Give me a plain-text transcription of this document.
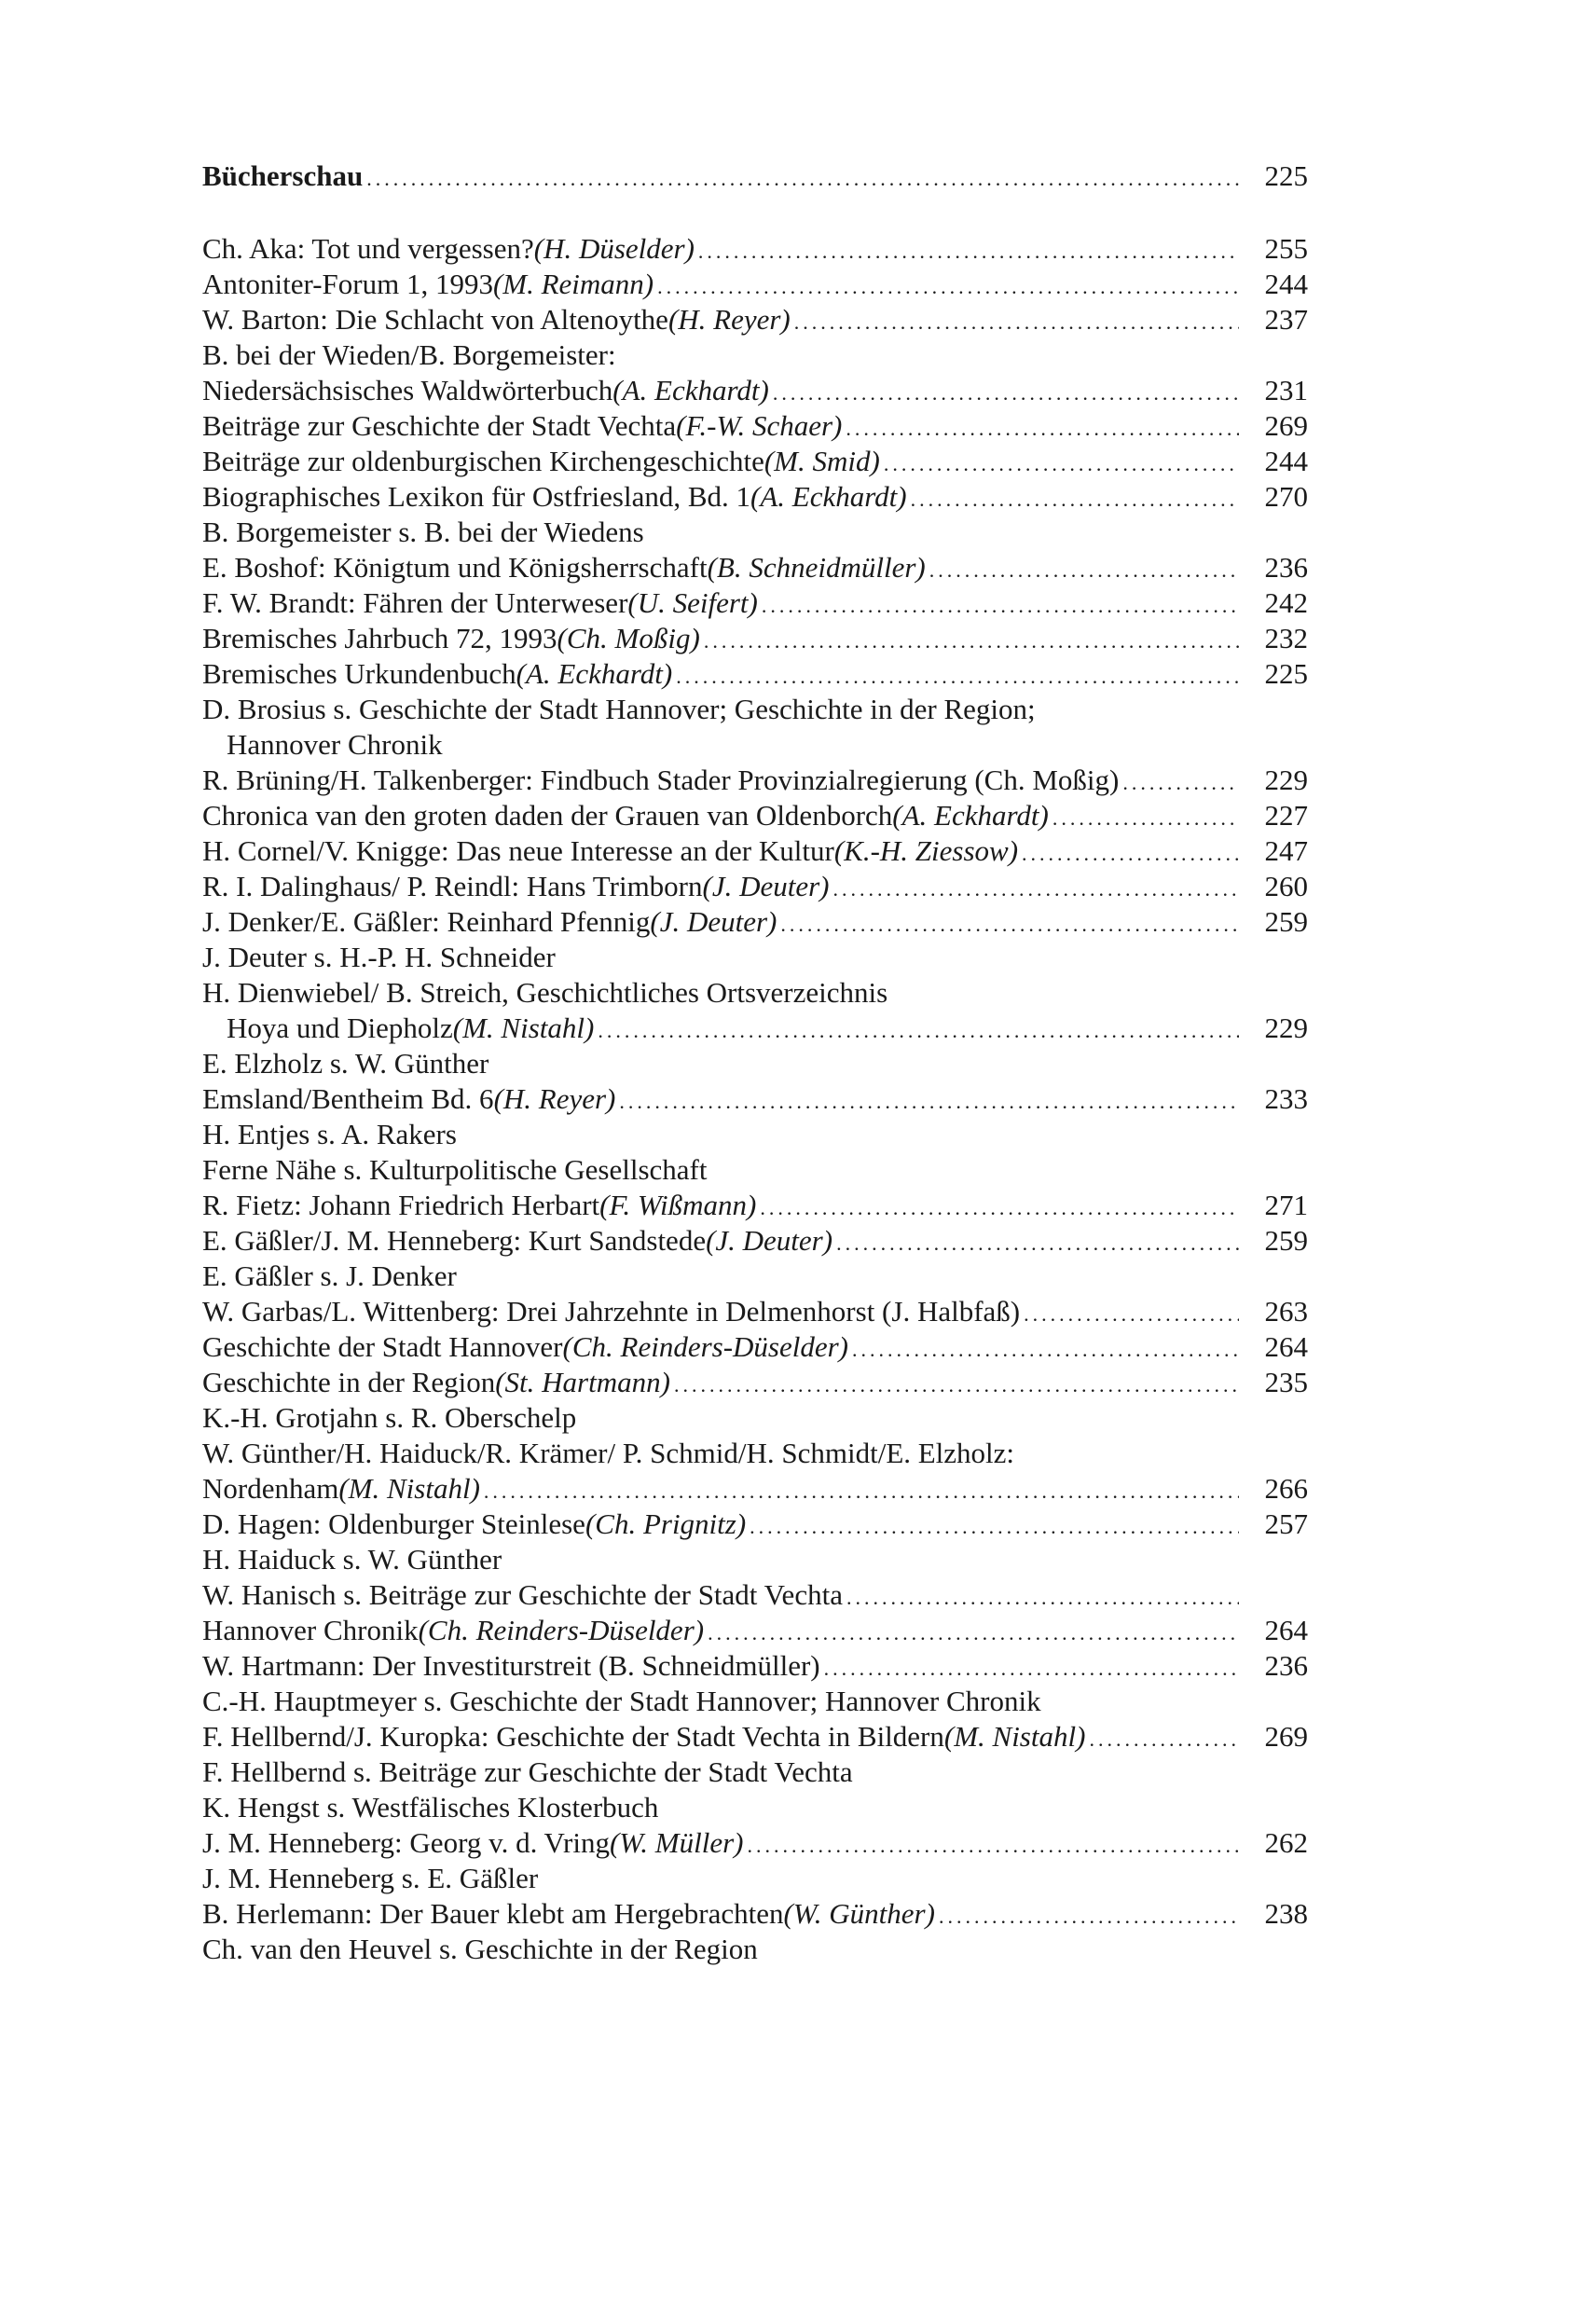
Bücherschau .....	225
Ch. Aka: Tot und vergessen? (H. Düselder) .....	255
Antoniter-Forum 1, 1993 (M. Reimann) .....	244
W. Barton: Die Schlacht von Altenoythe (H. Reyer) .....	237
B. bei der Wieden/B. Borgemeister:
Niedersächsisches Waldwörterbuch (A. Eckhardt) .....	231
Beiträge zur Geschichte der Stadt Vechta (F.-W. Schaer) .....	269
Beiträge zur oldenburgischen Kirchengeschichte (M. Smid) .....	244
Biographisches Lexikon für Ostfriesland, Bd. 1 (A. Eckhardt) .....	270
B. Borgemeister s. B. bei der Wiedens
E. Boshof: Königtum und Königsherrschaft (B. Schneidmüller) .....	236
F. W. Brandt: Fähren der Unterweser (U. Seifert) .....	242
Bremisches Jahrbuch 72, 1993 (Ch. Moßig) .....	232
Bremisches Urkundenbuch (A. Eckhardt) .....	225
D. Brosius s. Geschichte der Stadt Hannover; Geschichte in der Region;
Hannover Chronik
R. Brüning/H. Talkenberger: Findbuch Stader Provinzialregierung (Ch. Moßig) .....	229
Chronica van den groten daden der Grauen van Oldenborch (A. Eckhardt) .....	227
H. Cornel/V. Knigge: Das neue Interesse an der Kultur (K.-H. Ziessow) .....	247
R. I. Dalinghaus/ P. Reindl: Hans Trimborn (J. Deuter) .....	260
J. Denker/E. Gäßler: Reinhard Pfennig (J. Deuter) .....	259
J. Deuter s. H.-P. H. Schneider
H. Dienwiebel/ B. Streich, Geschichtliches Ortsverzeichnis
Hoya und Diepholz (M. Nistahl) .....	229
E. Elzholz s. W. Günther
Emsland/Bentheim Bd. 6 (H. Reyer) .....	233
H. Entjes s. A. Rakers
Ferne Nähe s. Kulturpolitische Gesellschaft
R. Fietz: Johann Friedrich Herbart (F. Wißmann) .....	271
E. Gäßler/J. M. Henneberg: Kurt Sandstede (J. Deuter) .....	259
E. Gäßler s. J. Denker
W. Garbas/L. Wittenberg: Drei Jahrzehnte in Delmenhorst (J. Halbfaß) .....	263
Geschichte der Stadt Hannover (Ch. Reinders-Düselder) .....	264
Geschichte in der Region (St. Hartmann) .....	235
K.-H. Grotjahn s. R. Oberschelp
W. Günther/H. Haiduck/R. Krämer/ P. Schmid/H. Schmidt/E. Elzholz:
Nordenham (M. Nistahl) .....	266
D. Hagen: Oldenburger Steinlese (Ch. Prignitz) .....	257
H. Haiduck s. W. Günther
W. Hanisch s. Beiträge zur Geschichte der Stadt Vechta
.....
Hannover Chronik (Ch. Reinders-Düselder) .....	264
W. Hartmann: Der Investiturstreit (B. Schneidmüller) .....	236
C.-H. Hauptmeyer s. Geschichte der Stadt Hannover; Hannover Chronik
F. Hellbernd/J. Kuropka: Geschichte der Stadt Vechta in Bildern (M. Nistahl) .....	269
F. Hellbernd s. Beiträge zur Geschichte der Stadt Vechta
K. Hengst s. Westfälisches Klosterbuch
J. M. Henneberg: Georg v. d. Vring (W. Müller) .....	262
J. M. Henneberg s. E. Gäßler
B. Herlemann: Der Bauer klebt am Hergebrachten (W. Günther) .....	238
Ch. van den Heuvel s. Geschichte in der Region
